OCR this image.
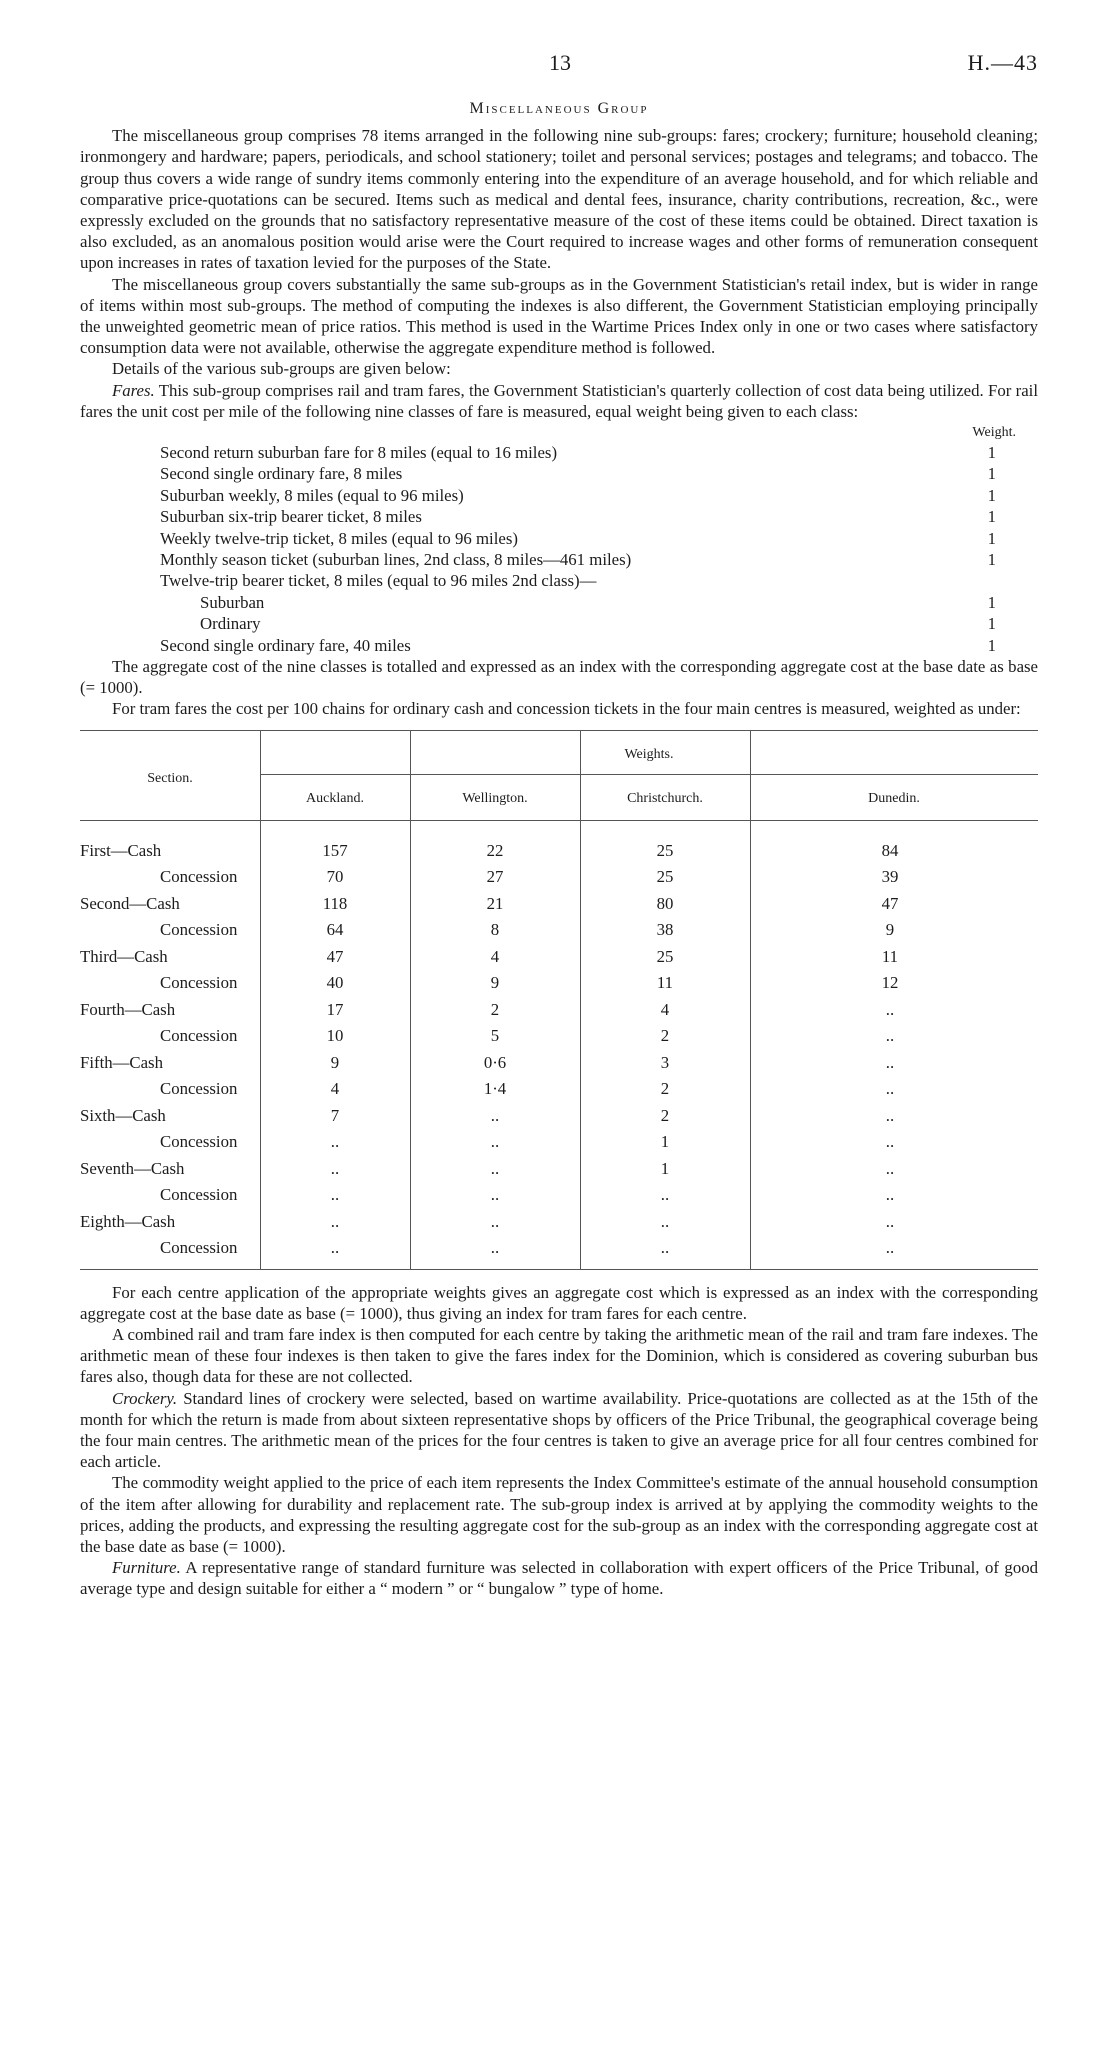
13	H.—43
Miscellaneous Group

The miscellaneous group comprises 78 items arranged in the following nine sub-groups: fares; crockery; furniture; household cleaning; ironmongery and hardware; papers, periodicals, and school stationery; toilet and personal services; postages and telegrams; and tobacco. The group thus covers a wide range of sundry items commonly entering into the expenditure of an average household, and for which reliable and comparative price-quotations can be secured. Items such as medical and dental fees, insurance, charity contributions, recreation, &c., were expressly excluded on the grounds that no satisfactory representative measure of the cost of these items could be obtained. Direct taxation is also excluded, as an anomalous position would arise were the Court required to increase wages and other forms of remuneration consequent upon increases in rates of taxation levied for the purposes of the State.

The miscellaneous group covers substantially the same sub-groups as in the Government Statistician's retail index, but is wider in range of items within most sub-groups. The method of computing the indexes is also different, the Government Statistician employing principally the unweighted geometric mean of price ratios. This method is used in the Wartime Prices Index only in one or two cases where satisfactory consumption data were not available, otherwise the aggregate expenditure method is followed.

Details of the various sub-groups are given below:

Fares. This sub-group comprises rail and tram fares, the Government Statistician's quarterly collection of cost data being utilized. For rail fares the unit cost per mile of the following nine classes of fare is measured, equal weight being given to each class:

Weight.
Second return suburban fare for 8 miles (equal to 16 miles)	1
Second single ordinary fare, 8 miles	1
Suburban weekly, 8 miles (equal to 96 miles)	1
Suburban six-trip bearer ticket, 8 miles	1
Weekly twelve-trip ticket, 8 miles (equal to 96 miles)	1
Monthly season ticket (suburban lines, 2nd class, 8 miles—461 miles)	1
Twelve-trip bearer ticket, 8 miles (equal to 96 miles 2nd class)—
Suburban	1
Ordinary	1
Second single ordinary fare, 40 miles	1

The aggregate cost of the nine classes is totalled and expressed as an index with the corresponding aggregate cost at the base date as base (= 1000).

For tram fares the cost per 100 chains for ordinary cash and concession tickets in the four main centres is measured, weighted as under:

Section.
Weights.
Auckland.	Wellington.	Christchurch.	Dunedin.
First—Cash	157	22	25	84
Concession	70	27	25	39
Second—Cash	118	21	80	47
Concession	64	8	38	9
Third—Cash	47	4	25	11
Concession	40	9	11	12
Fourth—Cash	17	2	4	..
Concession	10	5	2	..
Fifth—Cash	9	0·6	3	..
Concession	4	1·4	2	..
Sixth—Cash	7	..	2	..
Concession	..	..	1	..
Seventh—Cash	..	..	1	..
Concession	..	..	..	..
Eighth—Cash	..	..	..	..
Concession	..	..	..	..

For each centre application of the appropriate weights gives an aggregate cost which is expressed as an index with the corresponding aggregate cost at the base date as base (= 1000), thus giving an index for tram fares for each centre.

A combined rail and tram fare index is then computed for each centre by taking the arithmetic mean of the rail and tram fare indexes. The arithmetic mean of these four indexes is then taken to give the fares index for the Dominion, which is considered as covering suburban bus fares also, though data for these are not collected.

Crockery. Standard lines of crockery were selected, based on wartime availability. Price-quotations are collected as at the 15th of the month for which the return is made from about sixteen representative shops by officers of the Price Tribunal, the geographical coverage being the four main centres. The arithmetic mean of the prices for the four centres is taken to give an average price for all four centres combined for each article.

The commodity weight applied to the price of each item represents the Index Committee's estimate of the annual household consumption of the item after allowing for durability and replacement rate. The sub-group index is arrived at by applying the commodity weights to the prices, adding the products, and expressing the resulting aggregate cost for the sub-group as an index with the corresponding aggregate cost at the base date as base (= 1000).

Furniture. A representative range of standard furniture was selected in collaboration with expert officers of the Price Tribunal, of good average type and design suitable for either a “ modern ” or “ bungalow ” type of home.
